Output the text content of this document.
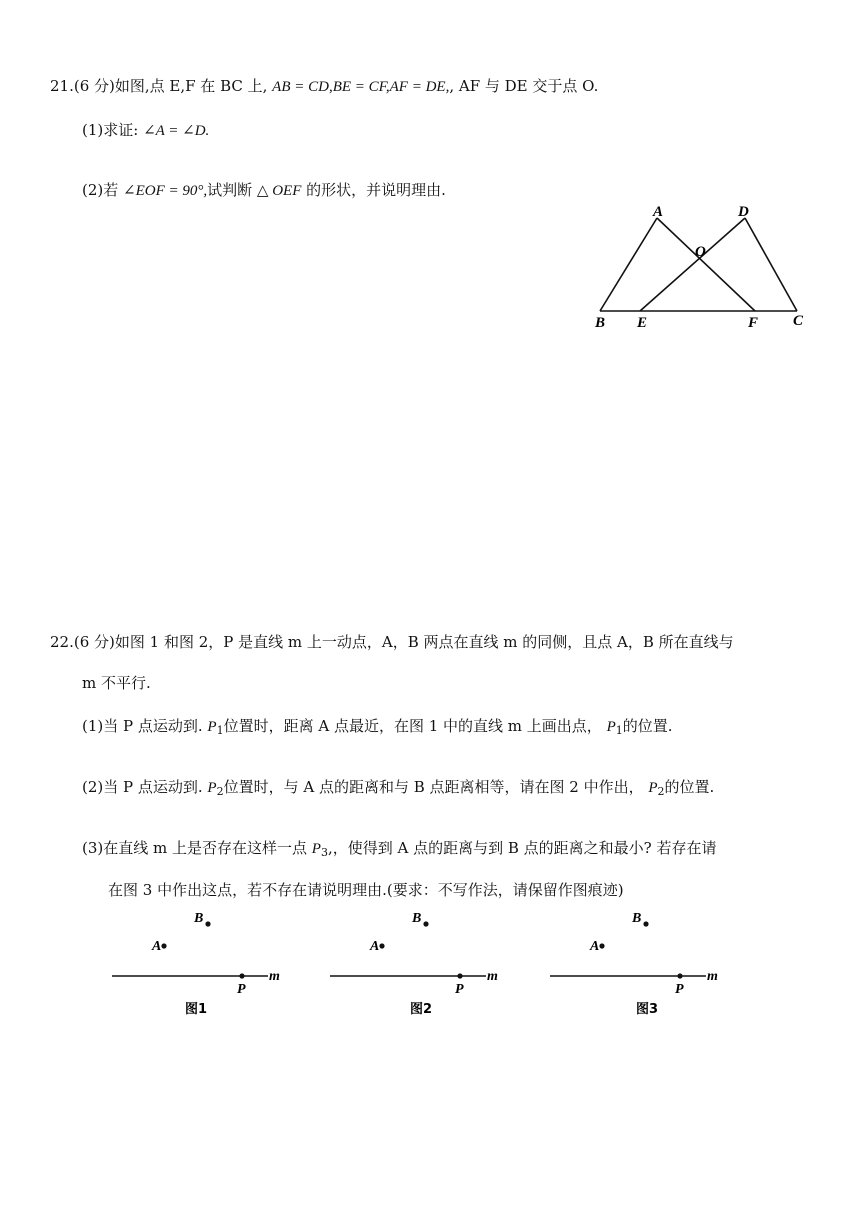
21.(6 分)如图,点 E,F 在 BC 上, AB = CD,BE = CF,AF = DE,, AF 与 DE 交于点 O.
(1)求证: ∠A = ∠D.
(2)若 ∠EOF = 90°,试判断 △ OEF 的形状，并说明理由.
A	D
O
B E	F C
22.(6 分)如图 1 和图 2，P 是直线 m 上一动点，A，B 两点在直线 m 的同侧，且点 A，B 所在直线与
m 不平行.
(1)当 P 点运动到. $P_1$位置时，距离 A 点最近，在图 1 中的直线 m 上画出点， $P_1$的位置.
(2)当 P 点运动到. $P_2$位置时，与 A 点的距离和与 B 点距离相等，请在图 2 中作出， $P_2$的位置.
(3)在直线 m 上是否存在这样一点 $P_3$,，使得到 A 点的距离与到 B 点的距离之和最小? 若存在请
在图 3 中作出这点，若不存在请说明理由.(要求：不写作法，请保留作图痕迹)
B
A
P
m
图1
B
A
P
m
图2
B
A
P
m
图3
